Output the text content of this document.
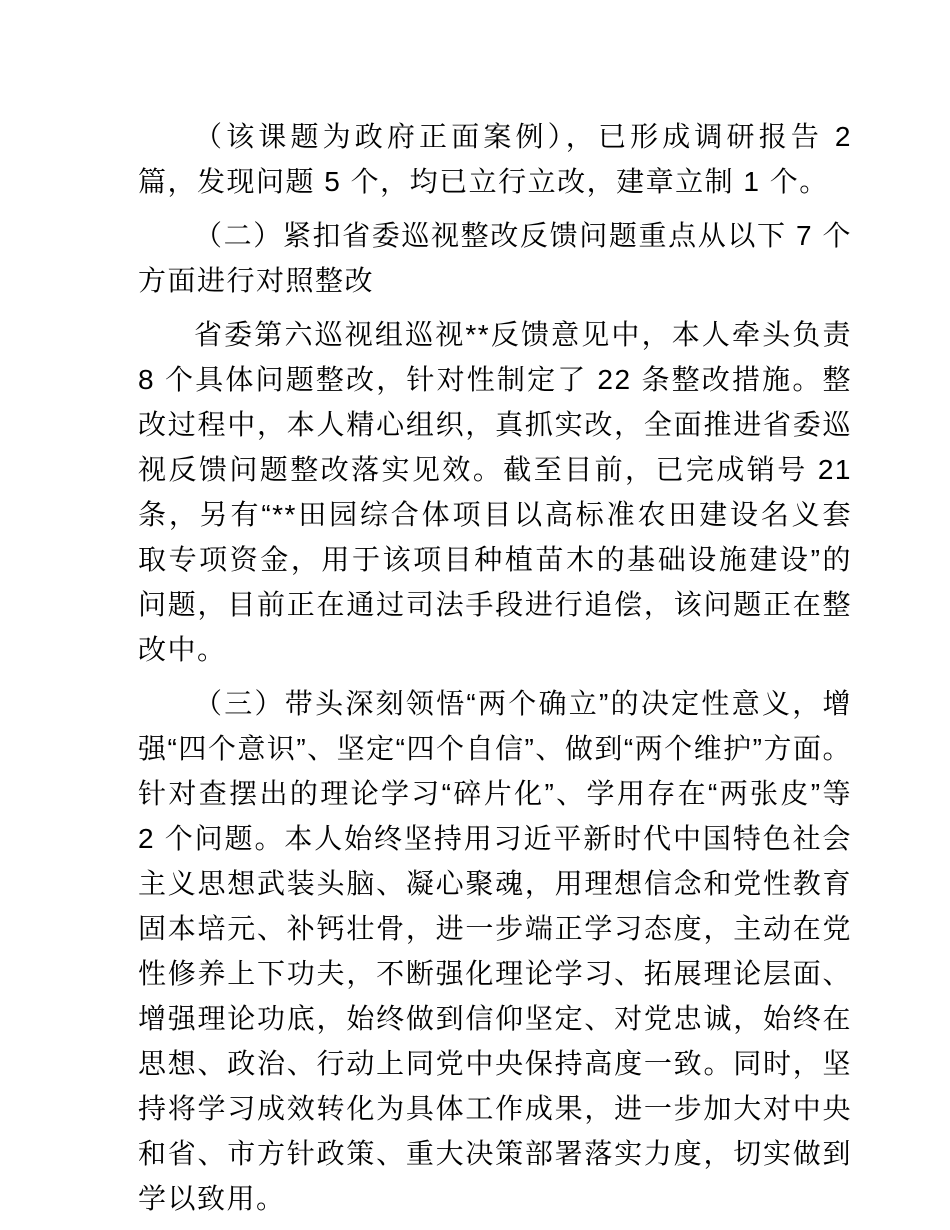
（该课题为政府正面案例），已形成调研报告 2 篇，发现问题 5 个，均已立行立改，建章立制 1 个。

（二）紧扣省委巡视整改反馈问题重点从以下 7 个方面进行对照整改

省委第六巡视组巡视**反馈意见中，本人牵头负责 8 个具体问题整改，针对性制定了 22 条整改措施。整改过程中，本人精心组织，真抓实改，全面推进省委巡视反馈问题整改落实见效。截至目前，已完成销号 21 条，另有“**田园综合体项目以高标准农田建设名义套取专项资金，用于该项目种植苗木的基础设施建设”的问题，目前正在通过司法手段进行追偿，该问题正在整改中。

（三）带头深刻领悟“两个确立”的决定性意义，增强“四个意识”、坚定“四个自信”、做到“两个维护”方面。针对查摆出的理论学习“碎片化”、学用存在“两张皮”等 2 个问题。本人始终坚持用习近平新时代中国特色社会主义思想武装头脑、凝心聚魂，用理想信念和党性教育固本培元、补钙壮骨，进一步端正学习态度，主动在党性修养上下功夫，不断强化理论学习、拓展理论层面、增强理论功底，始终做到信仰坚定、对党忠诚，始终在思想、政治、行动上同党中央保持高度一致。同时，坚持将学习成效转化为具体工作成果，进一步加大对中央和省、市方针政策、重大决策部署落实力度，切实做到学以致用。
